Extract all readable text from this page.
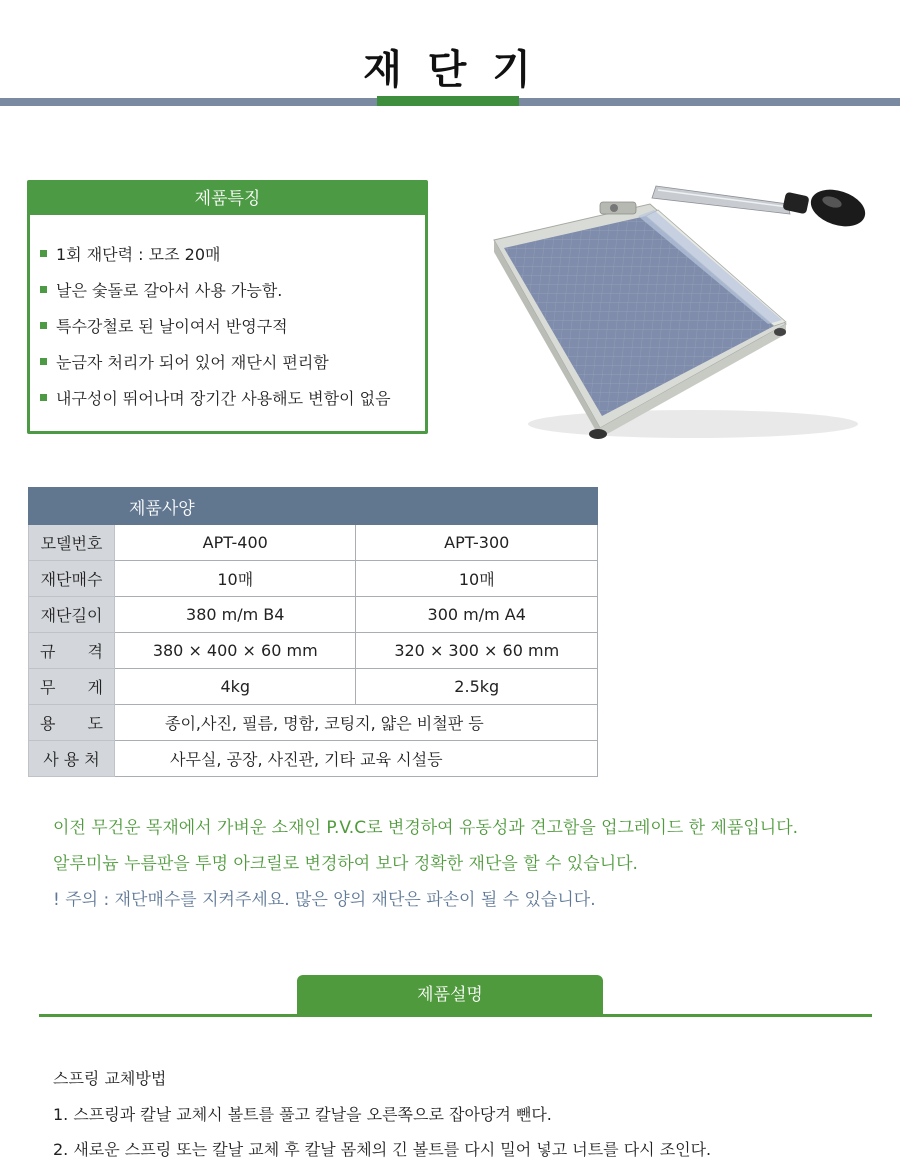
재 단 기
제품특징
1회 재단력 : 모조 20매
날은 숯돌로 갈아서 사용 가능함.
특수강철로 된 날이여서 반영구적
눈금자 처리가 되어 있어 재단시 편리함
내구성이 뛰어나며 장기간 사용해도 변함이 없음
제품사양		
모델번호	APT-400	APT-300
재단매수	10매	10매
재단길이	380 m/m B4	300 m/m A4
규　　격	380 × 400 × 60 mm	320 × 300 × 60 mm
무　　게	4kg	2.5kg
용　　도	종이,사진, 필름, 명함, 코팅지, 얇은 비철판 등	
사 용 처	사무실, 공장, 사진관, 기타 교육 시설등	
이전 무건운 목재에서 가벼운 소재인 P.V.C로 변경하여 유동성과 견고함을 업그레이드 한 제품입니다.
알루미늄 누름판을 투명 아크릴로 변경하여 보다 정확한 재단을 할 수 있습니다.
! 주의 : 재단매수를 지켜주세요. 많은 양의 재단은 파손이 될 수 있습니다.
제품설명
스프링 교체방법
1. 스프링과 칼날 교체시 볼트를 풀고 칼날을 오른쪽으로 잡아당겨 뺀다.
2. 새로운 스프링 또는 칼날 교체 후 칼날 몸체의 긴 볼트를 다시 밀어 넣고 너트를 다시 조인다.
